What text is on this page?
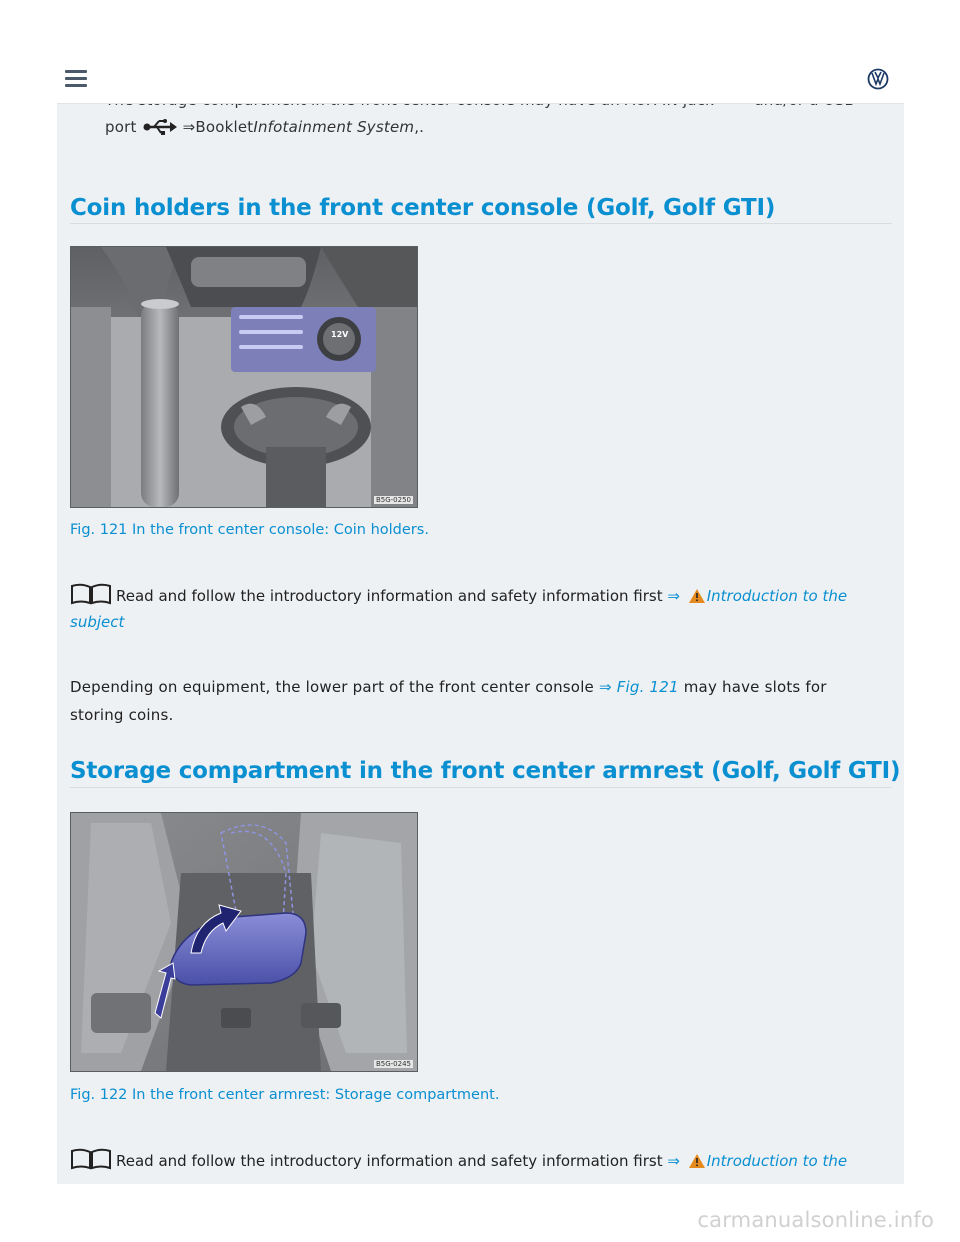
port	⇒BookletInfotainment System,.
Coin holders in the front center console (Golf, Golf GTI)
12V
B5G-0250
Fig. 121 In the front center console: Coin holders.
Read and follow the introductory information and safety information first ⇒ Introduction to the
subject
Depending on equipment, the lower part of the front center console ⇒ Fig. 121 may have slots for
storing coins.
Storage compartment in the front center armrest (Golf, Golf GTI)
B5G-0245
Fig. 122 In the front center armrest: Storage compartment.
Read and follow the introductory information and safety information first ⇒ Introduction to the
carmanualsonline.info
